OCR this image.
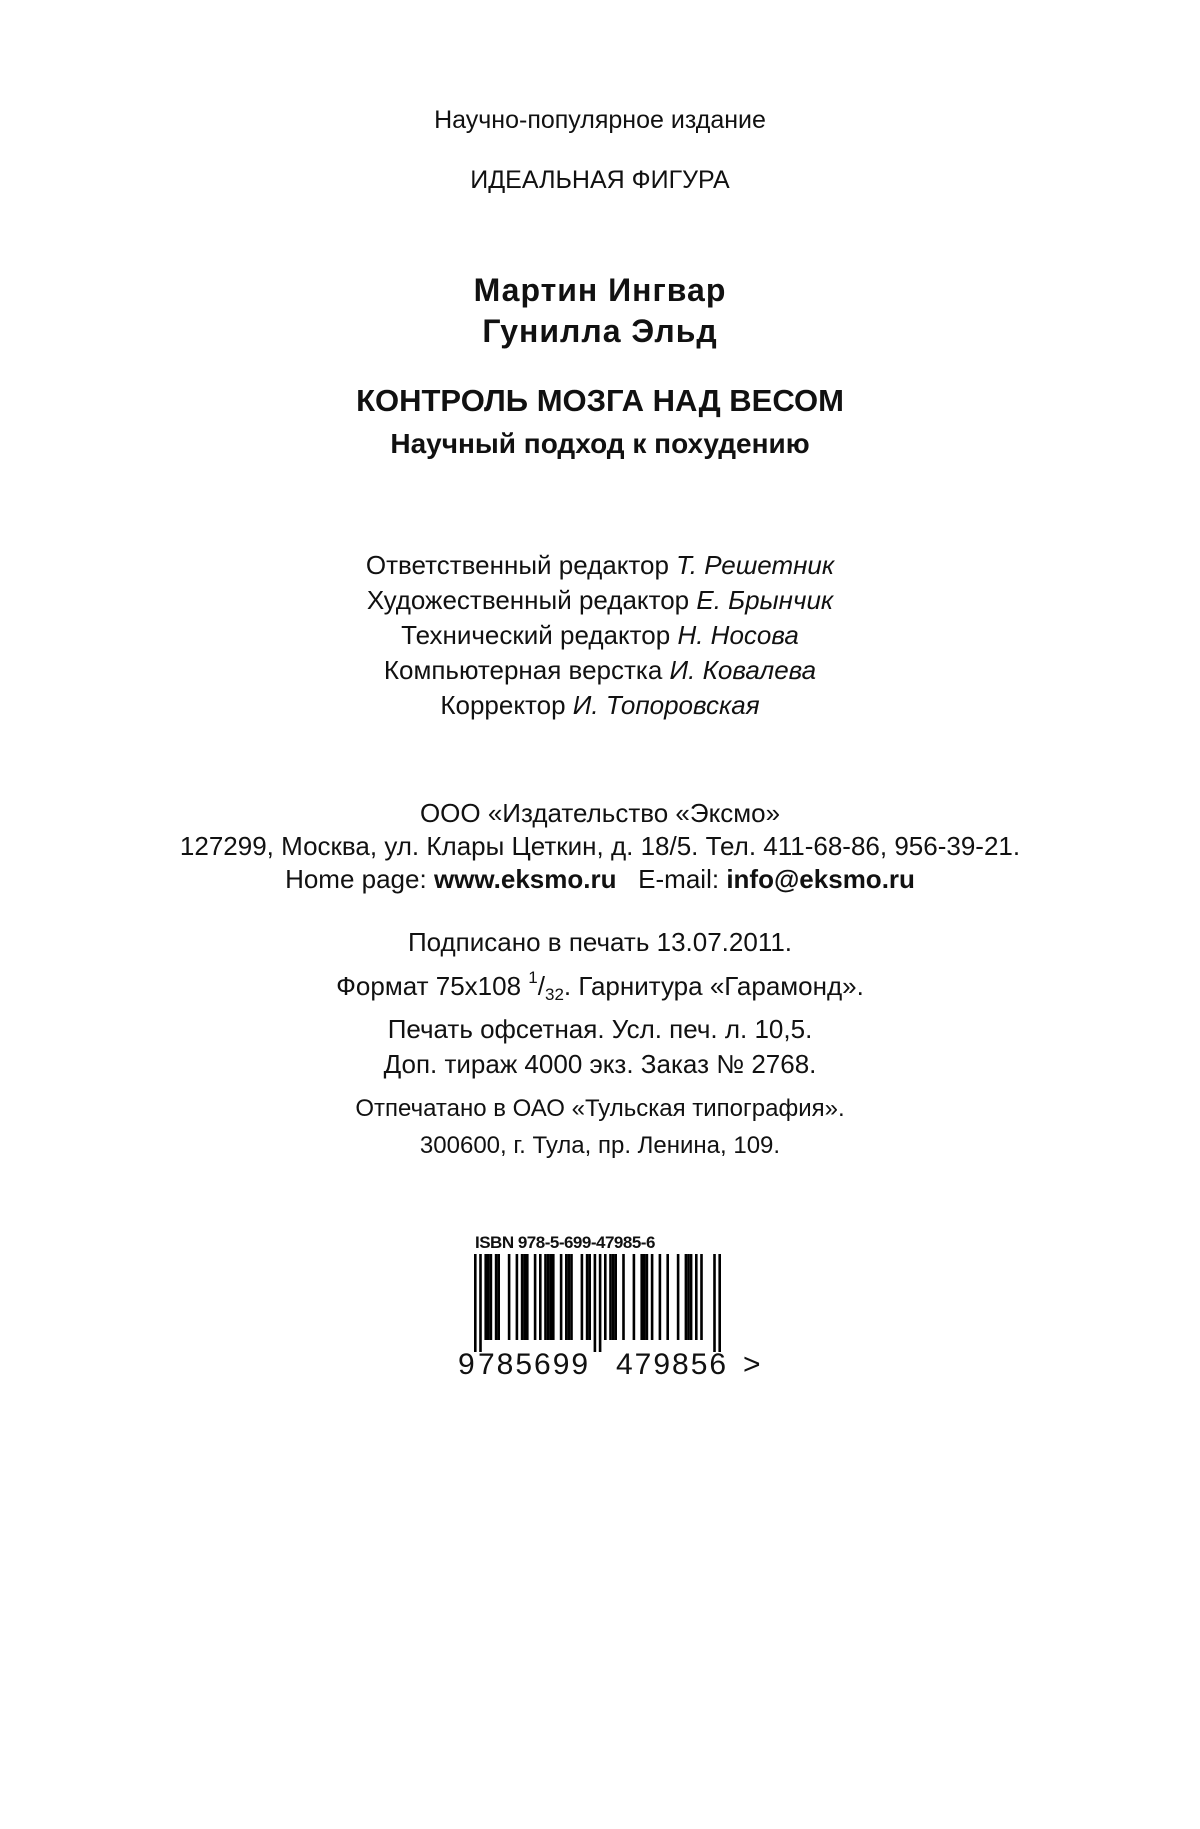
Научно-популярное издание
ИДЕАЛЬНАЯ ФИГУРА
Мартин Ингвар
Гунилла Эльд
КОНТРОЛЬ МОЗГА НАД ВЕСОМ
Научный подход к похудению
Ответственный редактор Т. Решетник
Художественный редактор Е. Брынчик
Технический редактор Н. Носова
Компьютерная верстка И. Ковалева
Корректор И. Топоровская
ООО «Издательство «Эксмо»
127299, Москва, ул. Клары Цеткин, д. 18/5. Тел. 411-68-86, 956-39-21.
Home page: www.eksmo.ru E-mail: info@eksmo.ru
Подписано в печать 13.07.2011.
Формат 75х108 $^1/_{32}$. Гарнитура «Гарамонд».
Печать офсетная. Усл. печ. л. 10,5.
Доп. тираж 4000 экз. Заказ № 2768.
Отпечатано в ОАО «Тульская типография».
300600, г. Тула, пр. Ленина, 109.
ISBN 978-5-699-47985-6
9 785699 479856 >
